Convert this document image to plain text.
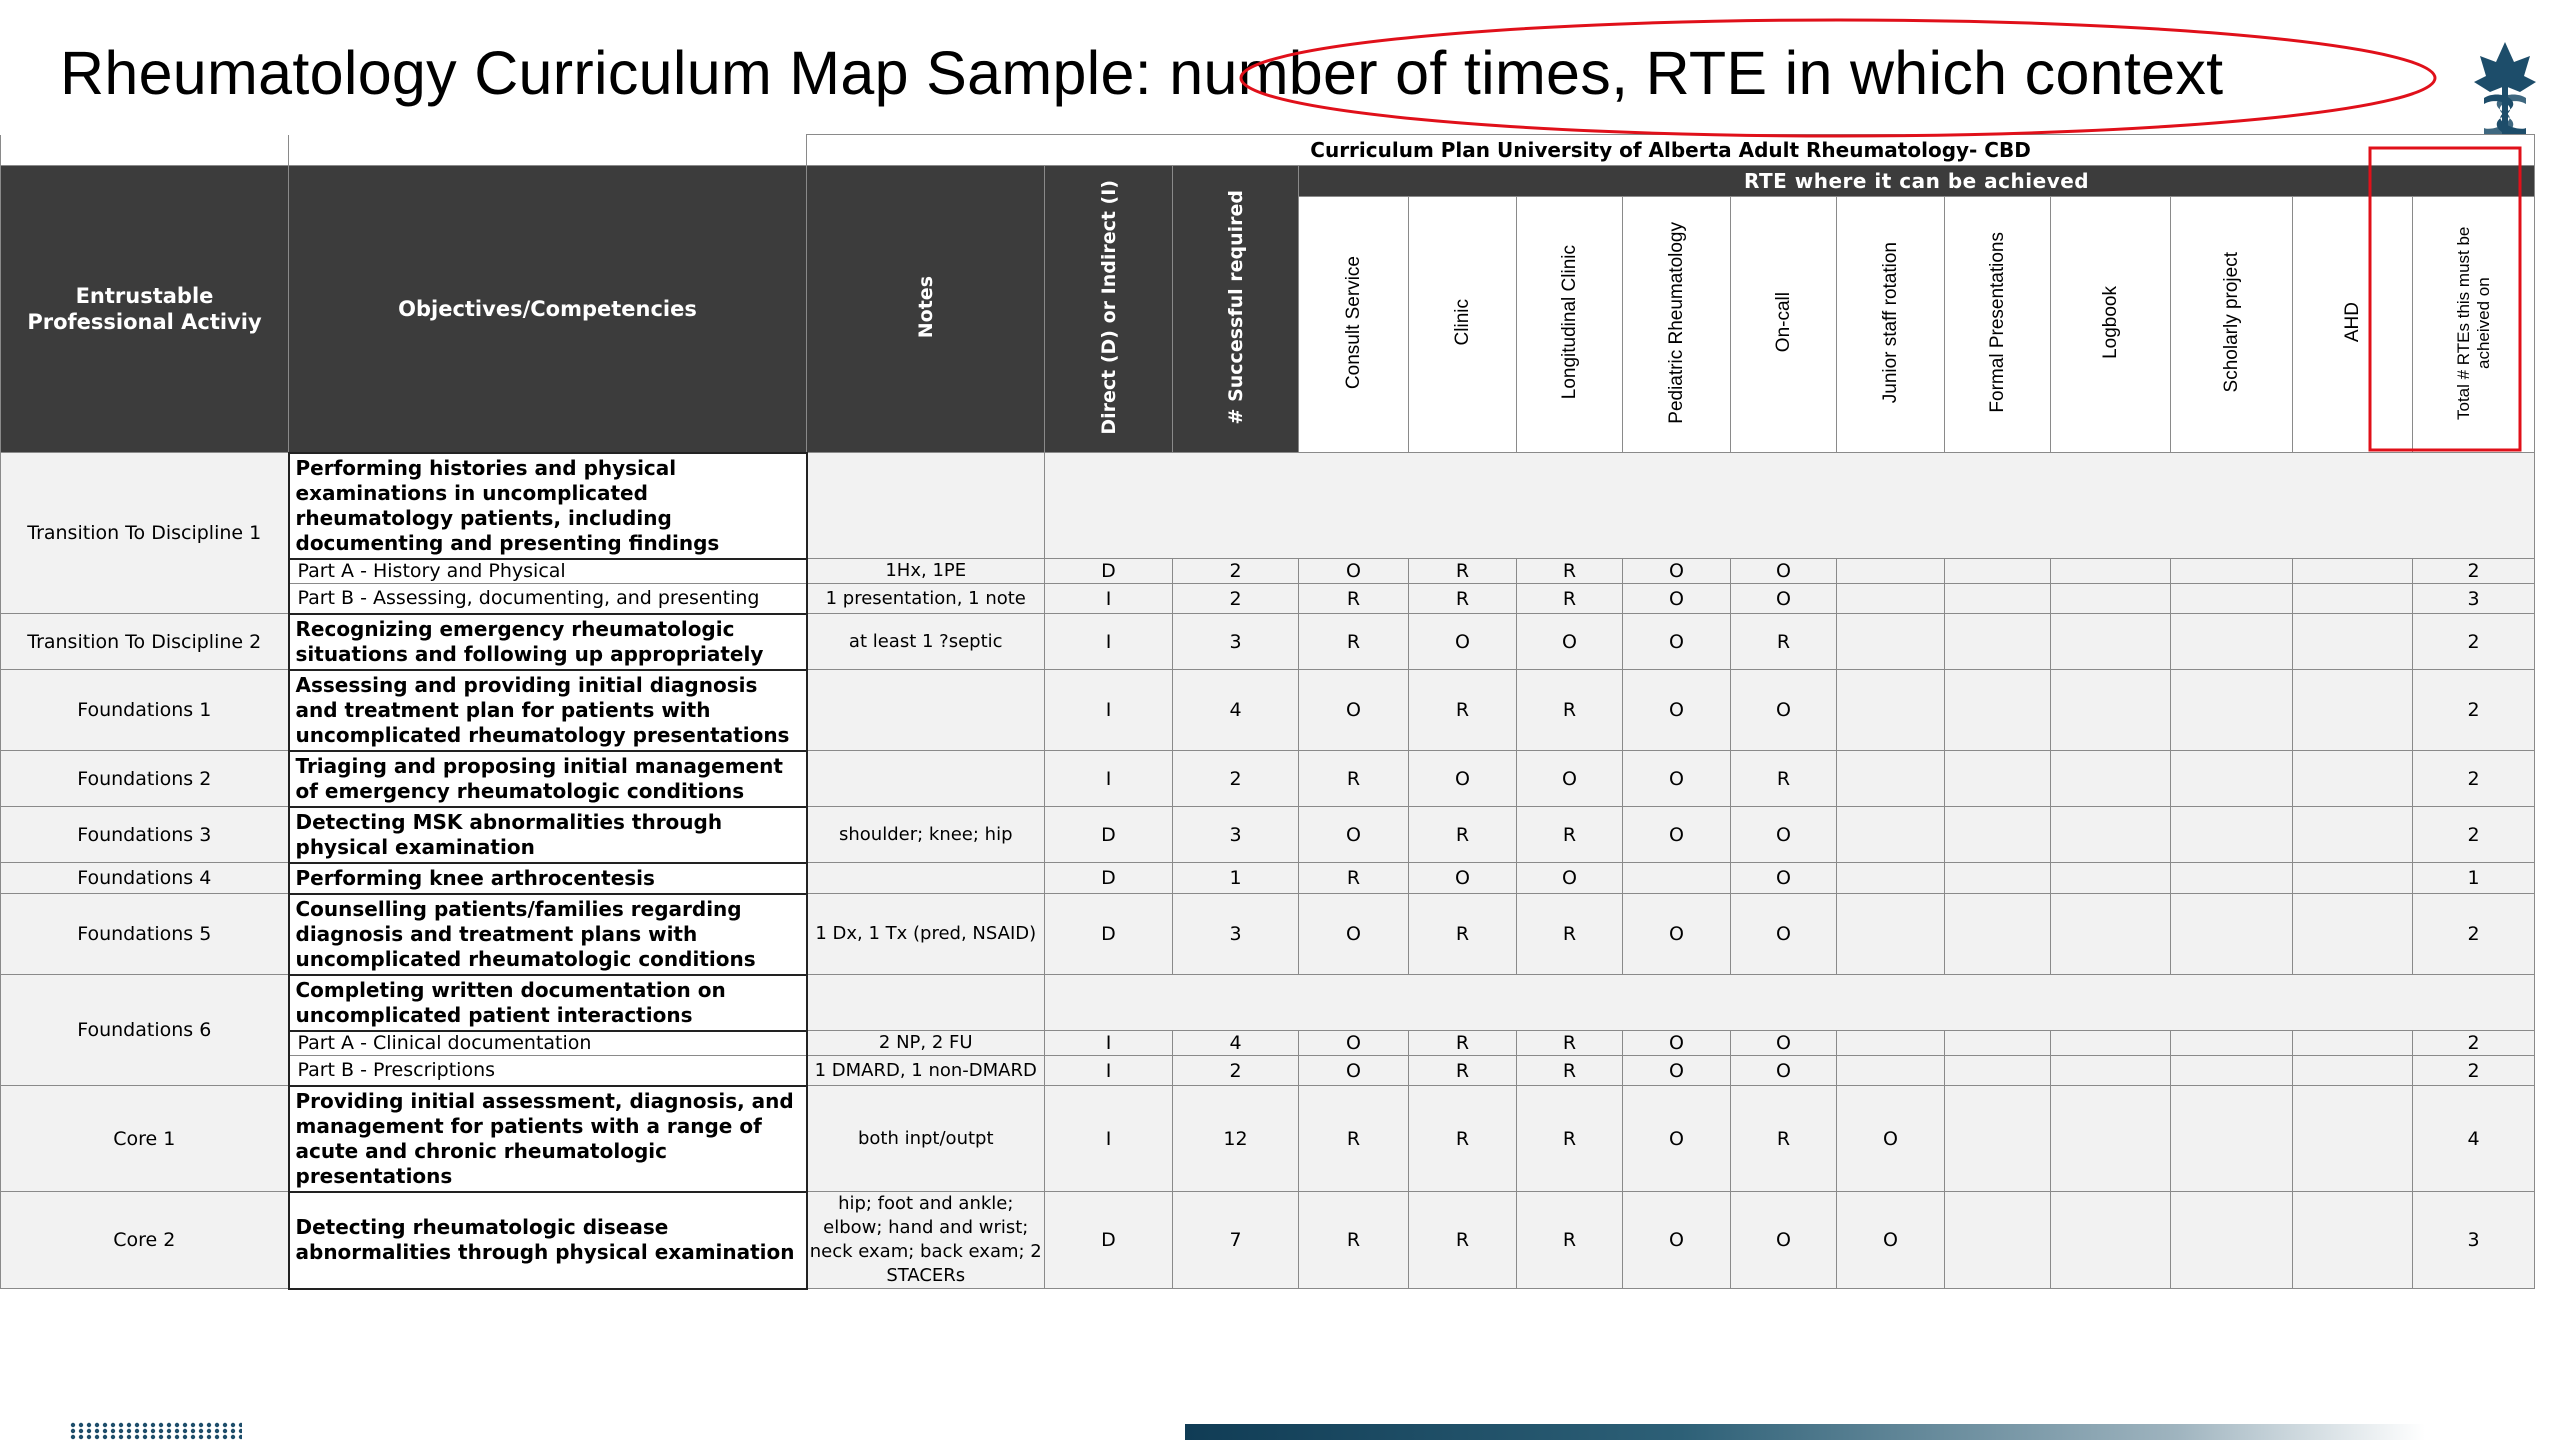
Rheumatology Curriculum Map Sample: number of times, RTE in which context
		Curriculum Plan University of Alberta Adult Rheumatology- CBD													
Entrustable Professional Activiy	Objectives/Competencies	Notes	Direct (D) or Indirect (I)	# Successful required	RTE where it can be achieved										
					Consult Service	Clinic	Longitudinal Clinic	Pediatric Rheumatology	On-call	Junior staff rotation	Formal Presentations	Logbook	Scholarly project	AHD	Total # RTEs this must be acheived on
Transition To Discipline 1	Performing histories and physical examinations in uncomplicated rheumatology patients, including documenting and presenting findings														
	Part A - History and Physical	1Hx, 1PE	D	2	O	R	R	O	O						2
	Part B - Assessing, documenting, and presenting	1 presentation, 1 note	I	2	R	R	R	O	O						3
Transition To Discipline 2	Recognizing emergency rheumatologic situations and following up appropriately	at least 1 ?septic	I	3	R	O	O	O	R						2
Foundations 1	Assessing and providing initial diagnosis and treatment plan for patients with uncomplicated rheumatology presentations		I	4	O	R	R	O	O						2
Foundations 2	Triaging and proposing initial management of emergency rheumatologic conditions		I	2	R	O	O	O	R						2
Foundations 3	Detecting MSK abnormalities through physical examination	shoulder; knee; hip	D	3	O	R	R	O	O						2
Foundations 4	Performing knee arthrocentesis		D	1	R	O	O		O						1
Foundations 5	Counselling patients/families regarding diagnosis and treatment plans with uncomplicated rheumatologic conditions	1 Dx, 1 Tx (pred, NSAID)	D	3	O	R	R	O	O						2
Foundations 6	Completing written documentation on uncomplicated patient interactions														
	Part A - Clinical documentation	2 NP, 2 FU	I	4	O	R	R	O	O						2
	Part B - Prescriptions	1 DMARD, 1 non-DMARD	I	2	O	R	R	O	O						2
Core 1	Providing initial assessment, diagnosis, and management for patients with a range of acute and chronic rheumatologic presentations	both inpt/outpt	I	12	R	R	R	O	R	O					4
Core 2	Detecting rheumatologic disease abnormalities through physical examination	hip; foot and ankle; elbow; hand and wrist; neck exam; back exam; 2 STACERs	D	7	R	R	R	O	O	O					3
